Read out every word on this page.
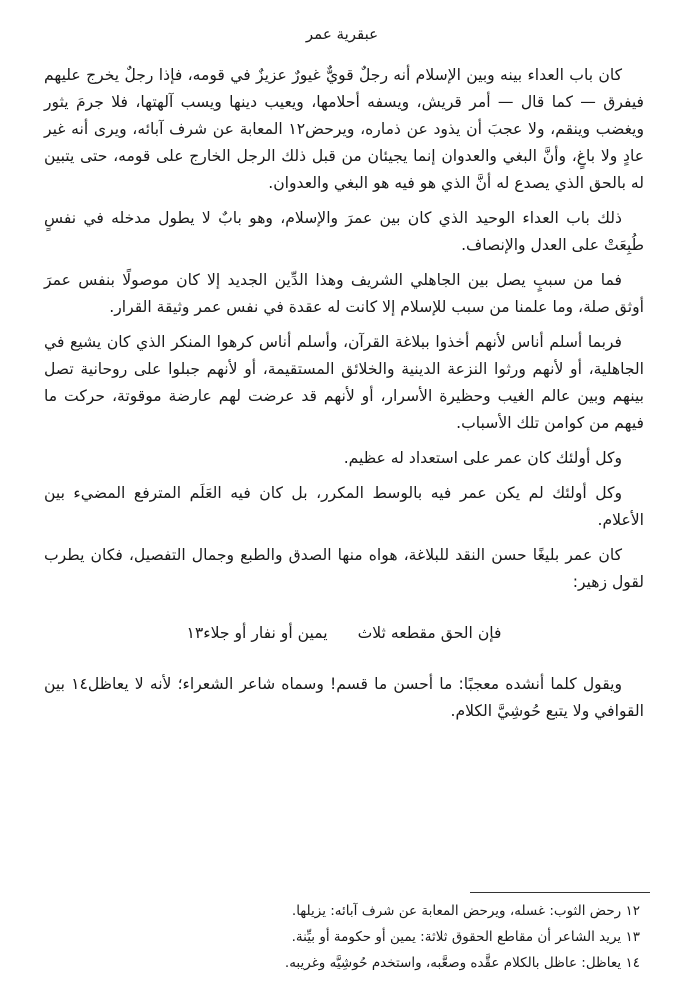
عبقرية عمر

كان باب العداء بينه وبين الإسلام أنه رجلٌ قويٌّ غيورٌ عزيزٌ في قومه، فإذا رجلٌ يخرج عليهم فيفرق — كما قال — أمر قريش، ويسفه أحلامها، ويعيب دينها ويسب آلهتها، فلا جرمَ يثور ويغضب وينقم، ولا عجبَ أن يذود عن ذماره، ويرحض١٢ المعابة عن شرف آبائه، ويرى أنه غير عادٍ ولا باغٍ، وأنَّ البغي والعدوان إنما يجيئان من قبل ذلك الرجل الخارج على قومه، حتى يتبين له بالحق الذي يصدع له أنَّ الذي هو فيه هو البغي والعدوان.

ذلك باب العداء الوحيد الذي كان بين عمرَ والإسلام، وهو بابٌ لا يطول مدخله في نفسٍ طُبِعَتْ على العدل والإنصاف.

فما من سببٍ يصل بين الجاهلي الشريف وهذا الدِّين الجديد إلا كان موصولًا بنفس عمرَ أوثق صلة، وما علمنا من سبب للإسلام إلا كانت له عقدة في نفس عمر وثيقة القرار.

فربما أسلم أناس لأنهم أخذوا ببلاغة القرآن، وأسلم أناس كرهوا المنكر الذي كان يشيع في الجاهلية، أو لأنهم ورثوا النزعة الدينية والخلائق المستقيمة، أو لأنهم جبلوا على روحانية تصل بينهم وبين عالم الغيب وحظيرة الأسرار، أو لأنهم قد عرضت لهم عارضة موقوتة، حركت ما فيهم من كوامن تلك الأسباب.

وكل أولئك كان عمر على استعداد له عظيم.

وكل أولئك لم يكن عمر فيه بالوسط المكرر، بل كان فيه العَلَم المترفع المضيء بين الأعلام.

كان عمر بليغًا حسن النقد للبلاغة، هواه منها الصدق والطبع وجمال التفصيل، فكان يطرب لقول زهير:

فإن الحق مقطعه ثلاث
يمين أو نفار أو جلاء١٣

ويقول كلما أنشده معجبًا: ما أحسن ما قسم! وسماه شاعر الشعراء؛ لأنه لا يعاظل١٤ بين القوافي ولا يتبع حُوشِيَّ الكلام.

١٢ رحض الثوب: غسله، ويرحض المعابة عن شرف آبائه: يزيلها.
١٣ يريد الشاعر أن مقاطع الحقوق ثلاثة: يمين أو حكومة أو بيِّنة.
١٤ يعاظل: عاظل بالكلام عقَّده وصعَّبه، واستخدم حُوشِيَّه وغريبه.
